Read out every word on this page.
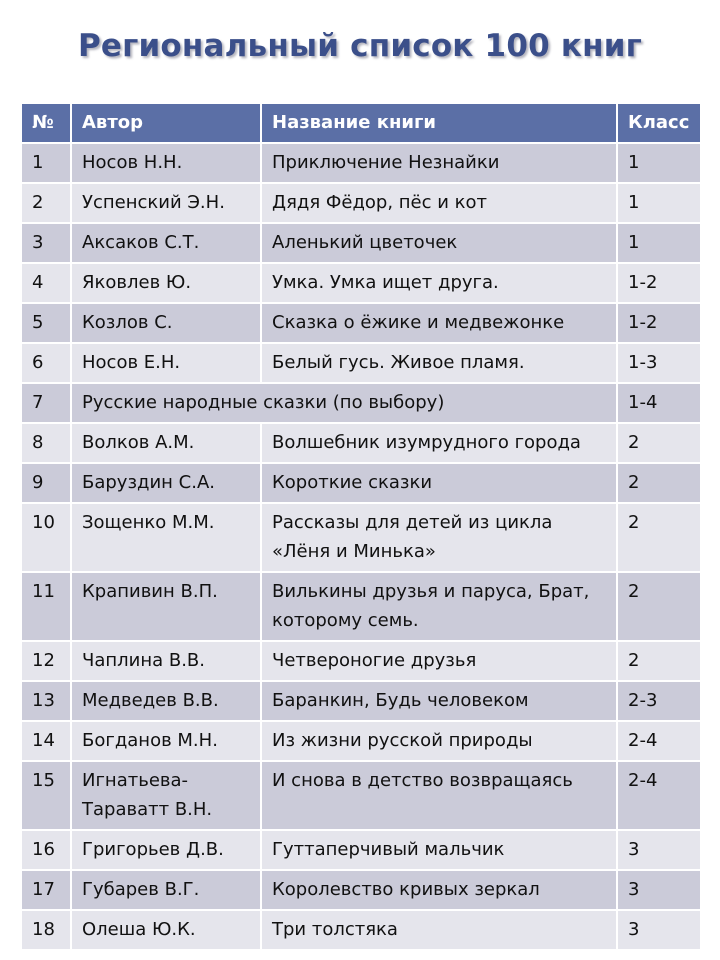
Региональный список 100 книг
№	Автор	Название книги	Класс
1	Носов Н.Н.	Приключение Незнайки	1
2	Успенский Э.Н.	Дядя Фёдор, пёс и кот	1
3	Аксаков С.Т.	Аленький цветочек	1
4	Яковлев Ю.	Умка. Умка ищет друга.	1-2
5	Козлов С.	Сказка о ёжике и медвежонке	1-2
6	Носов Е.Н.	Белый гусь. Живое пламя.	1-3
7	Русские народные сказки (по выбору)		1-4
8	Волков А.М.	Волшебник изумрудного города	2
9	Баруздин С.А.	Короткие сказки	2
10	Зощенко М.М.	Рассказы для детей из цикла «Лёня и Минька»	2
11	Крапивин В.П.	Вилькины друзья и паруса, Брат, которому семь.	2
12	Чаплина В.В.	Четвероногие друзья	2
13	Медведев В.В.	Баранкин, Будь человеком	2-3
14	Богданов М.Н.	Из жизни русской природы	2-4
15	Игнатьева-Тараватт В.Н.	И снова в детство возвращаясь	2-4
16	Григорьев Д.В.	Гуттаперчивый мальчик	3
17	Губарев В.Г.	Королевство кривых зеркал	3
18	Олеша Ю.К.	Три толстяка	3
